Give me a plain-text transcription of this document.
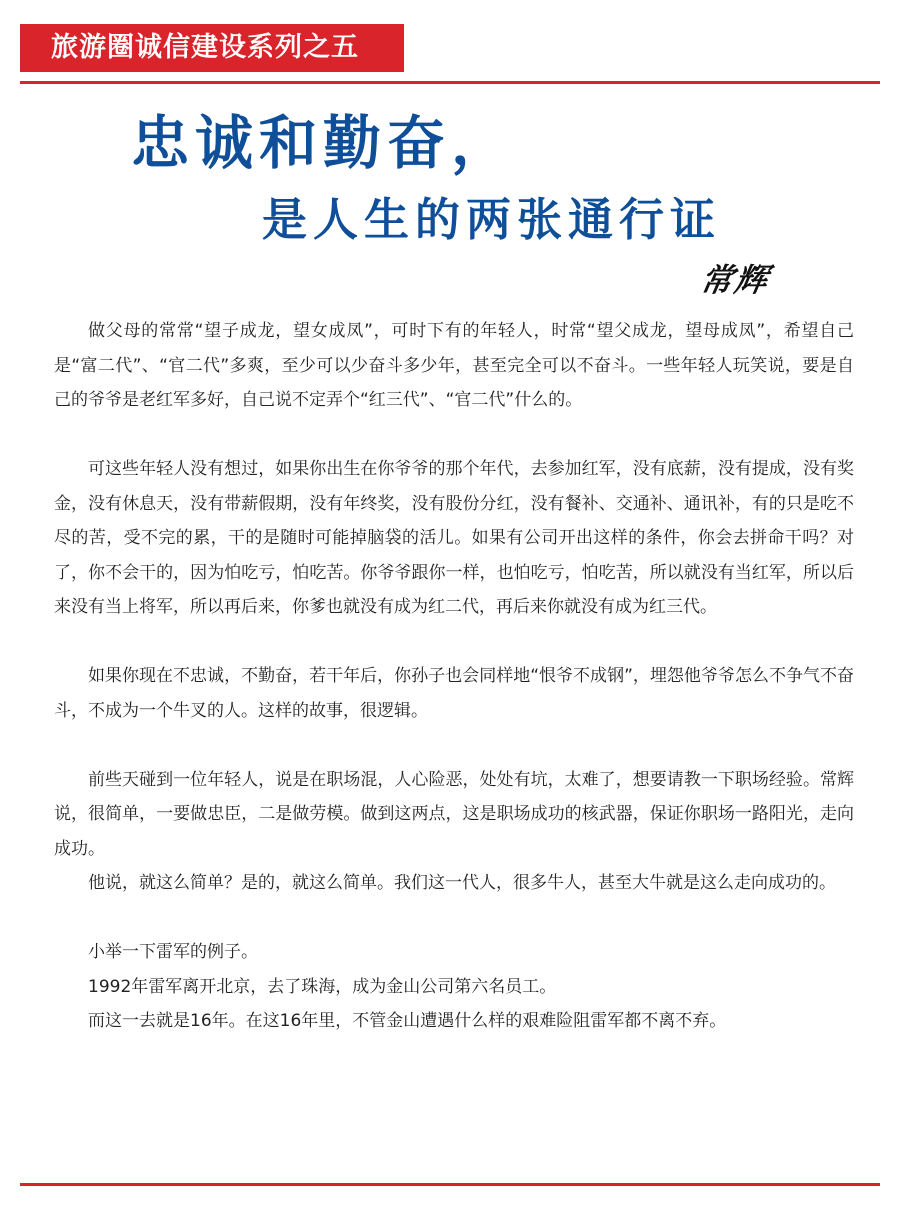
旅游圈诚信建设系列之五
忠诚和勤奋，
是人生的两张通行证
常辉

做父母的常常“望子成龙，望女成凤”，可时下有的年轻人，时常“望父成龙，望母成凤”，希望自己是“富二代”、“官二代”多爽，至少可以少奋斗多少年，甚至完全可以不奋斗。一些年轻人玩笑说，要是自己的爷爷是老红军多好，自己说不定弄个“红三代”、“官二代”什么的。

可这些年轻人没有想过，如果你出生在你爷爷的那个年代，去参加红军，没有底薪，没有提成，没有奖金，没有休息天，没有带薪假期，没有年终奖，没有股份分红，没有餐补、交通补、通讯补，有的只是吃不尽的苦，受不完的累，干的是随时可能掉脑袋的活儿。如果有公司开出这样的条件，你会去拼命干吗？对了，你不会干的，因为怕吃亏，怕吃苦。你爷爷跟你一样，也怕吃亏，怕吃苦，所以就没有当红军，所以后来没有当上将军，所以再后来，你爹也就没有成为红二代，再后来你就没有成为红三代。

如果你现在不忠诚，不勤奋，若干年后，你孙子也会同样地“恨爷不成钢”，埋怨他爷爷怎么不争气不奋斗，不成为一个牛叉的人。这样的故事，很逻辑。

前些天碰到一位年轻人，说是在职场混，人心险恶，处处有坑，太难了，想要请教一下职场经验。常辉说，很简单，一要做忠臣，二是做劳模。做到这两点，这是职场成功的核武器，保证你职场一路阳光，走向成功。

他说，就这么简单？是的，就这么简单。我们这一代人，很多牛人，甚至大牛就是这么走向成功的。

小举一下雷军的例子。

1992年雷军离开北京，去了珠海，成为金山公司第六名员工。

而这一去就是16年。在这16年里，不管金山遭遇什么样的艰难险阻雷军都不离不弃。
